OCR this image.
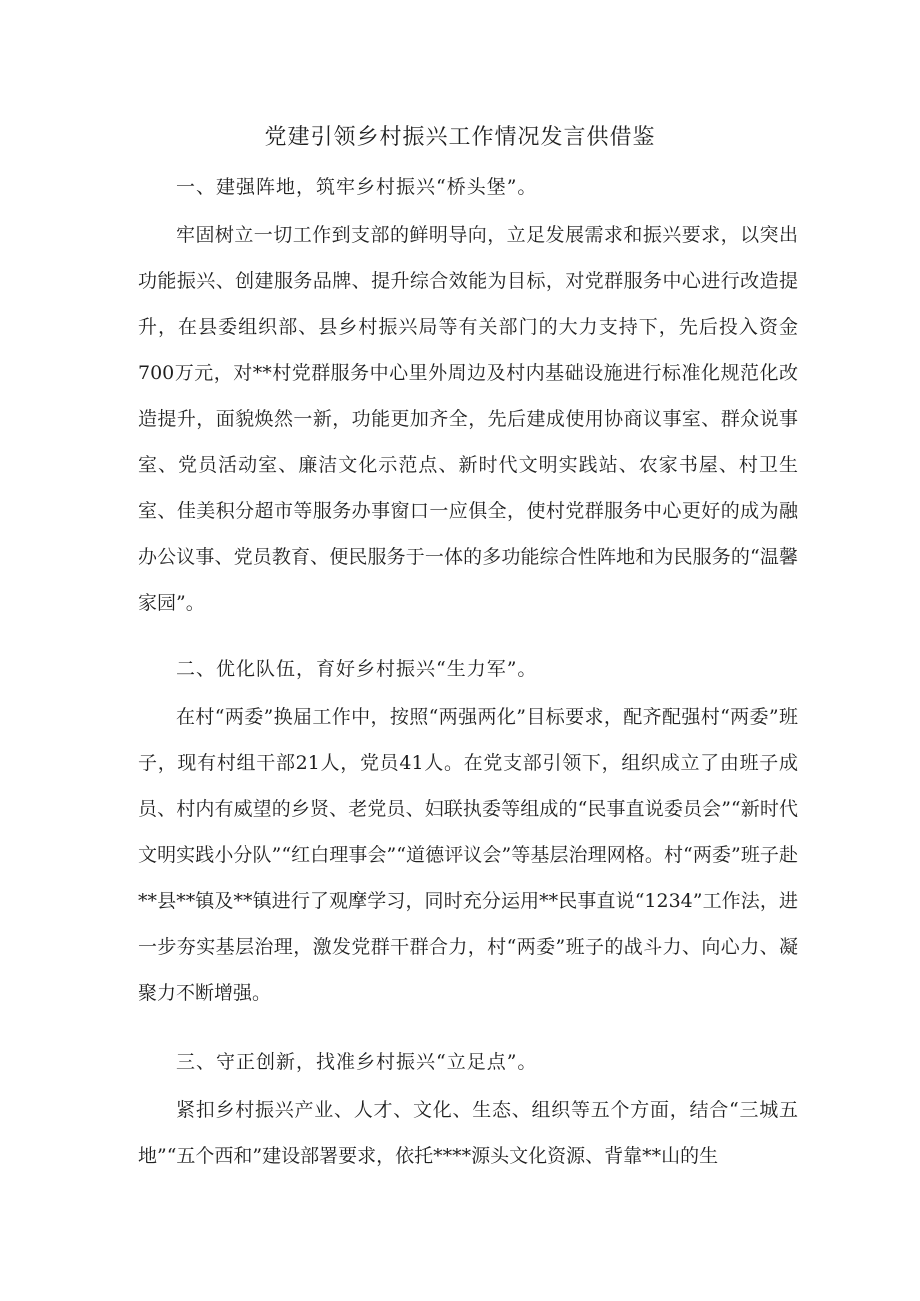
党建引领乡村振兴工作情况发言供借鉴
一、建强阵地，筑牢乡村振兴“桥头堡”。

牢固树立一切工作到支部的鲜明导向，立足发展需求和振兴要求，以突出功能振兴、创建服务品牌、提升综合效能为目标，对党群服务中心进行改造提升，在县委组织部、县乡村振兴局等有关部门的大力支持下，先后投入资金700万元，对**村党群服务中心里外周边及村内基础设施进行标准化规范化改造提升，面貌焕然一新，功能更加齐全，先后建成使用协商议事室、群众说事室、党员活动室、廉洁文化示范点、新时代文明实践站、农家书屋、村卫生室、佳美积分超市等服务办事窗口一应俱全，使村党群服务中心更好的成为融办公议事、党员教育、便民服务于一体的多功能综合性阵地和为民服务的“温馨家园”。

二、优化队伍，育好乡村振兴“生力军”。

在村“两委”换届工作中，按照“两强两化”目标要求，配齐配强村“两委”班子，现有村组干部21人，党员41人。在党支部引领下，组织成立了由班子成员、村内有威望的乡贤、老党员、妇联执委等组成的“民事直说委员会”“新时代文明实践小分队”“红白理事会”“道德评议会”等基层治理网格。村“两委”班子赴**县**镇及**镇进行了观摩学习，同时充分运用**民事直说“1234”工作法，进一步夯实基层治理，激发党群干群合力，村“两委”班子的战斗力、向心力、凝聚力不断增强。

三、守正创新，找准乡村振兴“立足点”。

紧扣乡村振兴产业、人才、文化、生态、组织等五个方面，结合“三城五地”“五个西和”建设部署要求，依托****源头文化资源、背靠**山的生
